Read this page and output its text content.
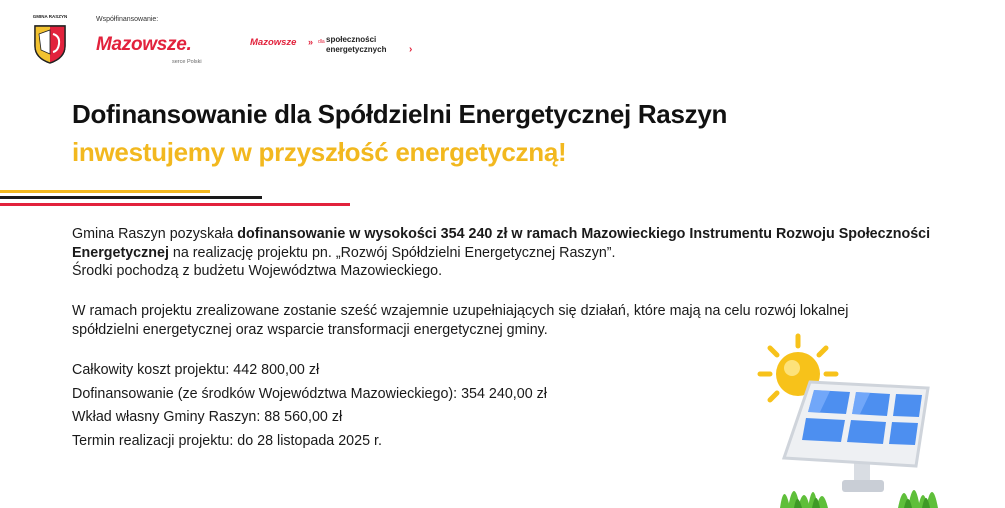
GMINA RASZYN	Współfinansowanie:
Mazowsze.
serce Polski
Mazowsze » dla społeczności
energetycznych ›
Dofinansowanie dla Spółdzielni Energetycznej Raszyn
inwestujemy w przyszłość energetyczną!
Gmina Raszyn pozyskała dofinansowanie w wysokości 354 240 zł w ramach Mazowieckiego Instrumentu Rozwoju Społeczności Energetycznej na realizację projektu pn. „Rozwój Spółdzielni Energetycznej Raszyn”.
Środki pochodzą z budżetu Województwa Mazowieckiego.
W ramach projektu zrealizowane zostanie sześć wzajemnie uzupełniających się działań, które mają na celu rozwój lokalnej spółdzielni energetycznej oraz wsparcie transformacji energetycznej gminy.
Całkowity koszt projektu: 442 800,00 zł
Dofinansowanie (ze środków Województwa Mazowieckiego): 354 240,00 zł
Wkład własny Gminy Raszyn: 88 560,00 zł
Termin realizacji projektu: do 28 listopada 2025 r.
